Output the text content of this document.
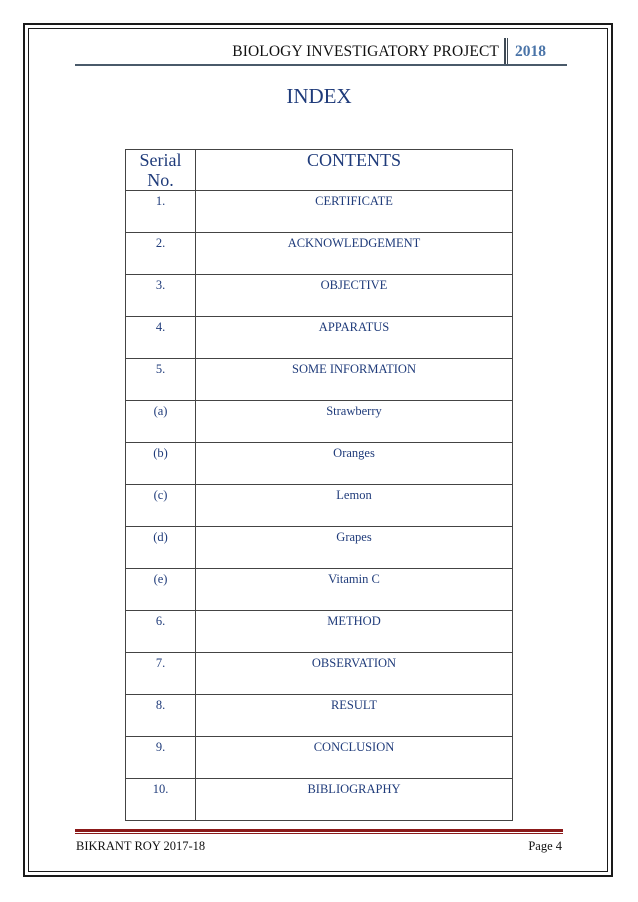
BIOLOGY INVESTIGATORY PROJECT 2018
INDEX
Serial No.	CONTENTS
1.	CERTIFICATE
2.	ACKNOWLEDGEMENT
3.	OBJECTIVE
4.	APPARATUS
5.	SOME INFORMATION
(a)	Strawberry
(b)	Oranges
(c)	Lemon
(d)	Grapes
(e)	Vitamin C
6.	METHOD
7.	OBSERVATION
8.	RESULT
9.	CONCLUSION
10.	BIBLIOGRAPHY
BIKRANT ROY 2017-18	Page 4
